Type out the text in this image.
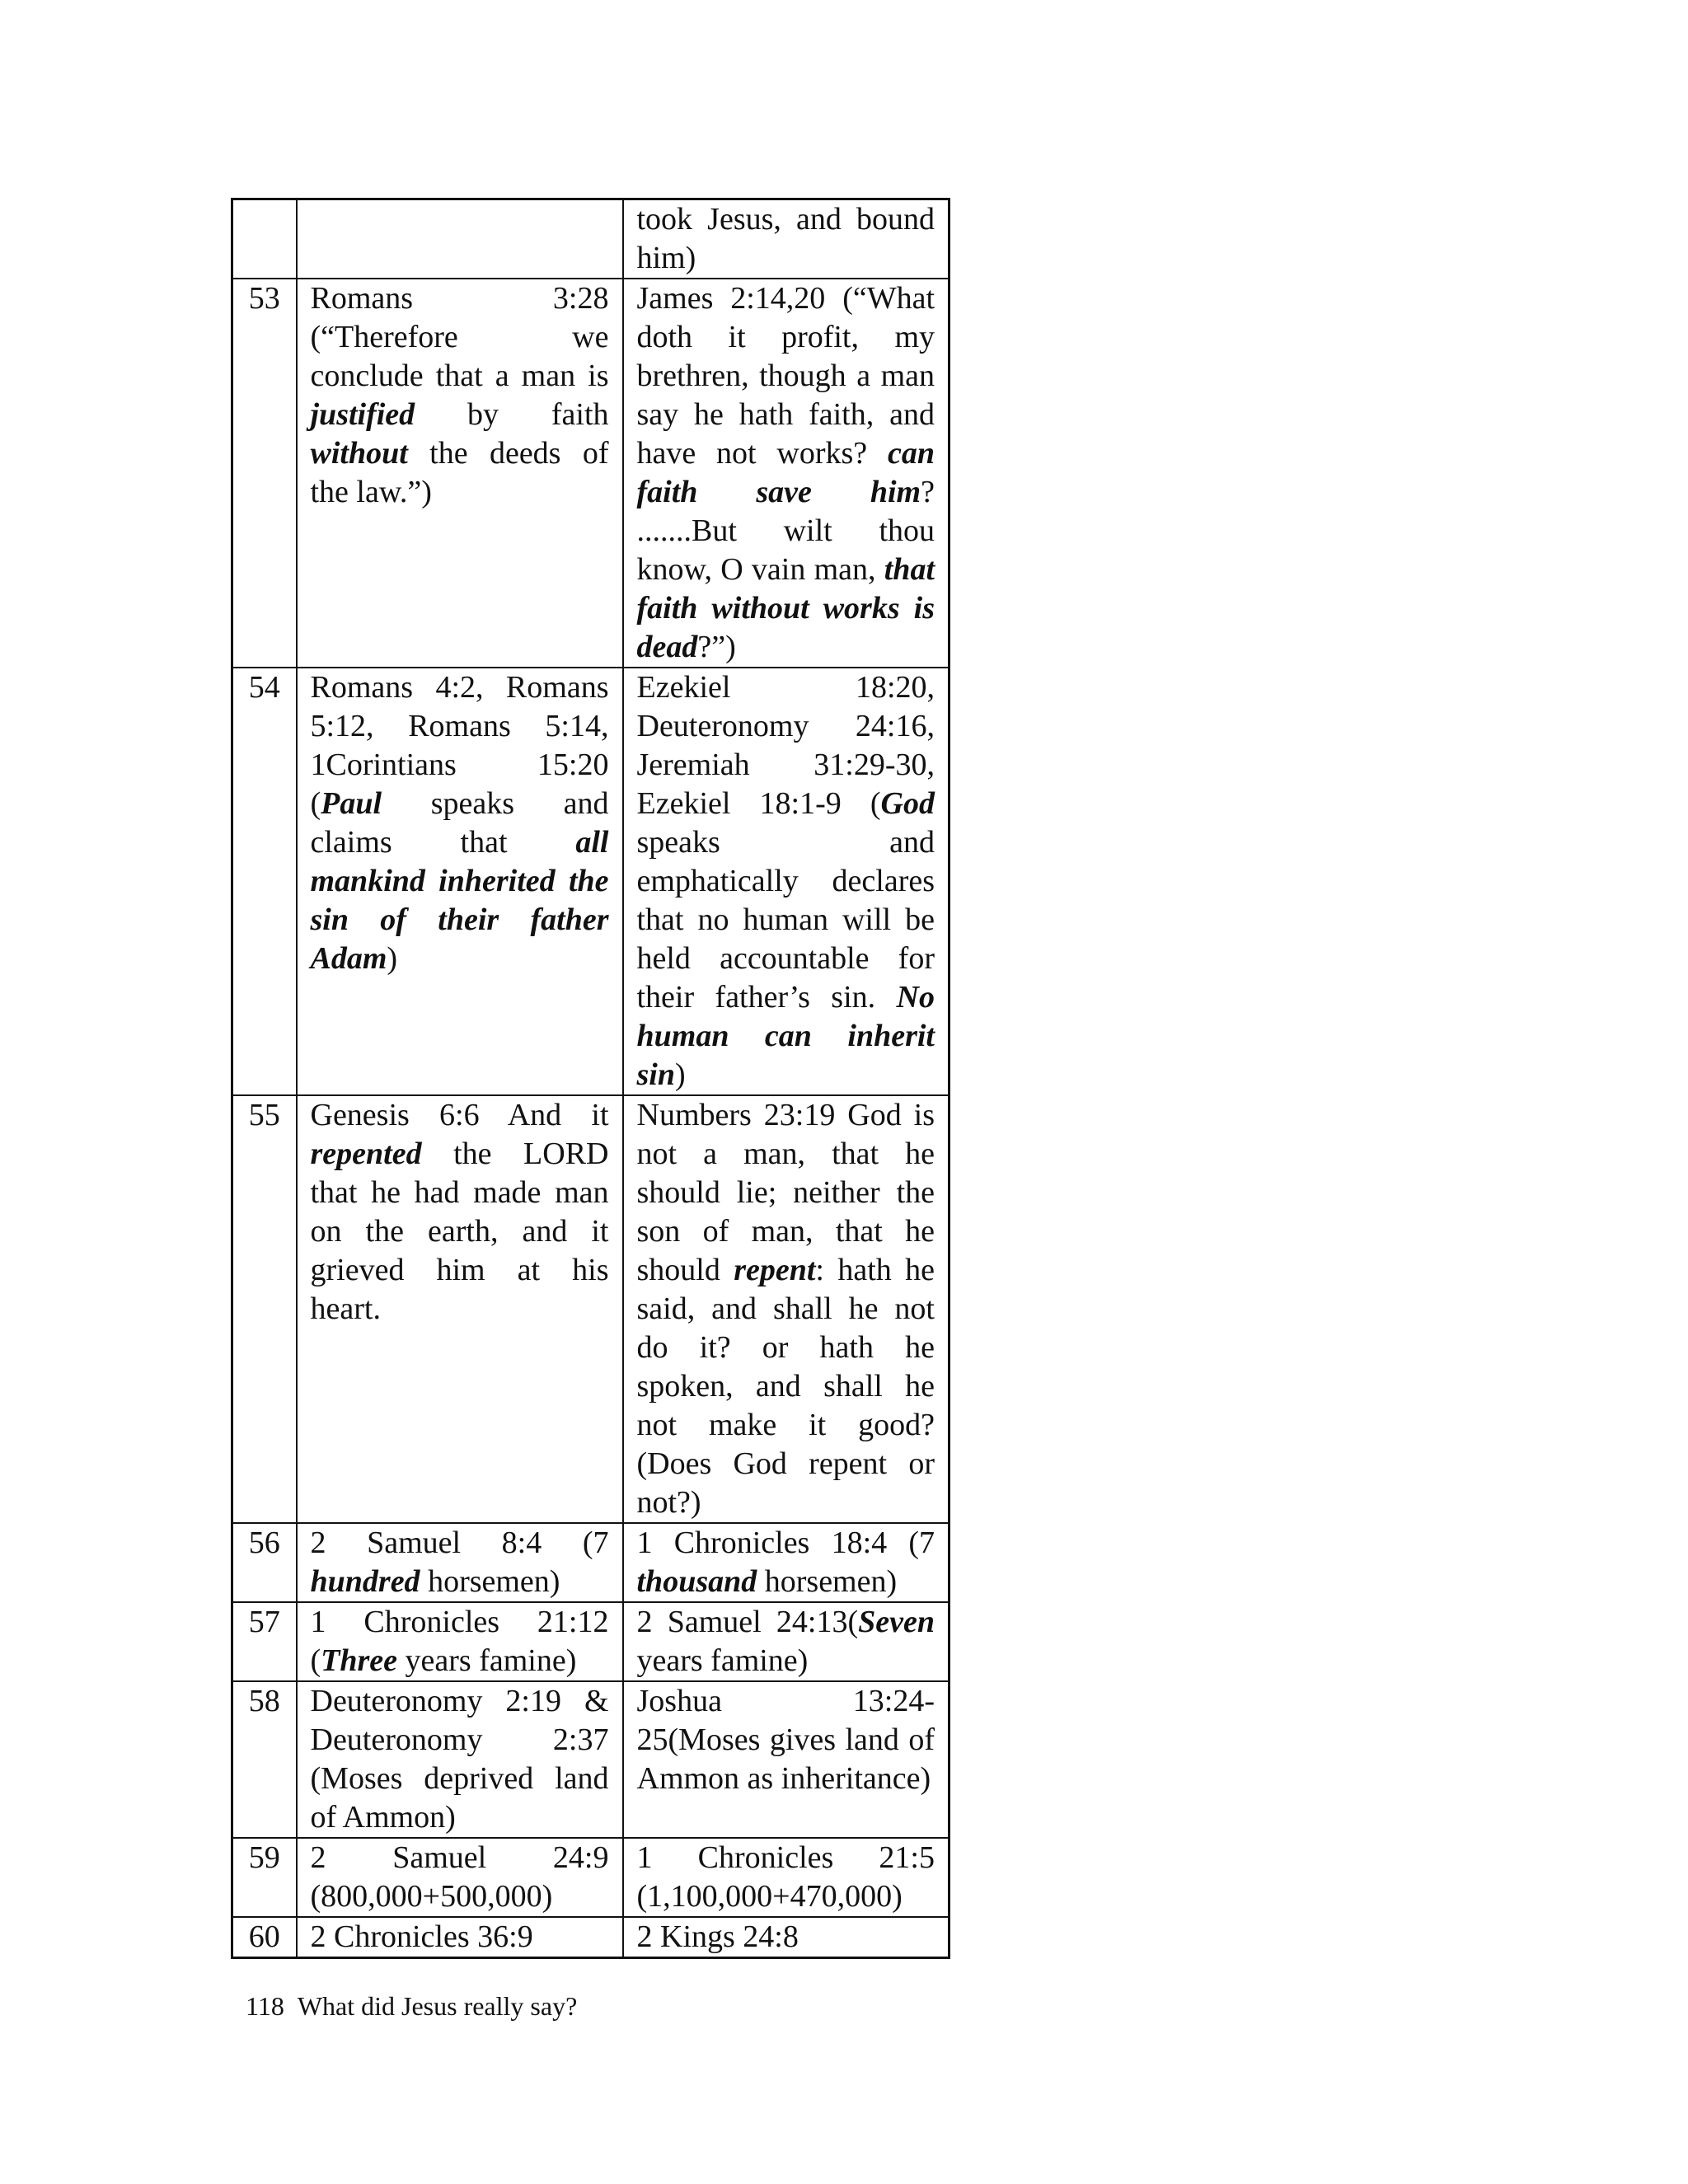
		took Jesus, and bound him)
53	Romans 3:28 (“Therefore we conclude that a man is justified by faith without the deeds of the law.”)	James 2:14,20 (“What doth it profit, my brethren, though a man say he hath faith, and have not works? can faith save him? .......But wilt thou know, O vain man, that faith without works is dead?”)
54	Romans 4:2, Romans 5:12, Romans 5:14, 1Corintians 15:20 (Paul speaks and claims that all mankind inherited the sin of their father Adam)	Ezekiel 18:20, Deuteronomy 24:16, Jeremiah 31:29-30, Ezekiel 18:1-9 (God speaks and emphatically declares that no human will be held accountable for their father’s sin. No human can inherit sin)
55	Genesis 6:6 And it repented the LORD that he had made man on the earth, and it grieved him at his heart.	Numbers 23:19 God is not a man, that he should lie; neither the son of man, that he should repent: hath he said, and shall he not do it? or hath he spoken, and shall he not make it good? (Does God repent or not?)
56	2 Samuel 8:4 (7 hundred horsemen)	1 Chronicles 18:4 (7 thousand horsemen)
57	1 Chronicles 21:12 (Three years famine)	2 Samuel 24:13(Seven years famine)
58	Deuteronomy 2:19 & Deuteronomy 2:37 (Moses deprived land of Ammon)	Joshua 13:24-25(Moses gives land of Ammon as inheritance)
59	2 Samuel 24:9 (800,000+500,000)	1 Chronicles 21:5 (1,100,000+470,000)
60	2 Chronicles 36:9	2 Kings 24:8
118 What did Jesus really say?
